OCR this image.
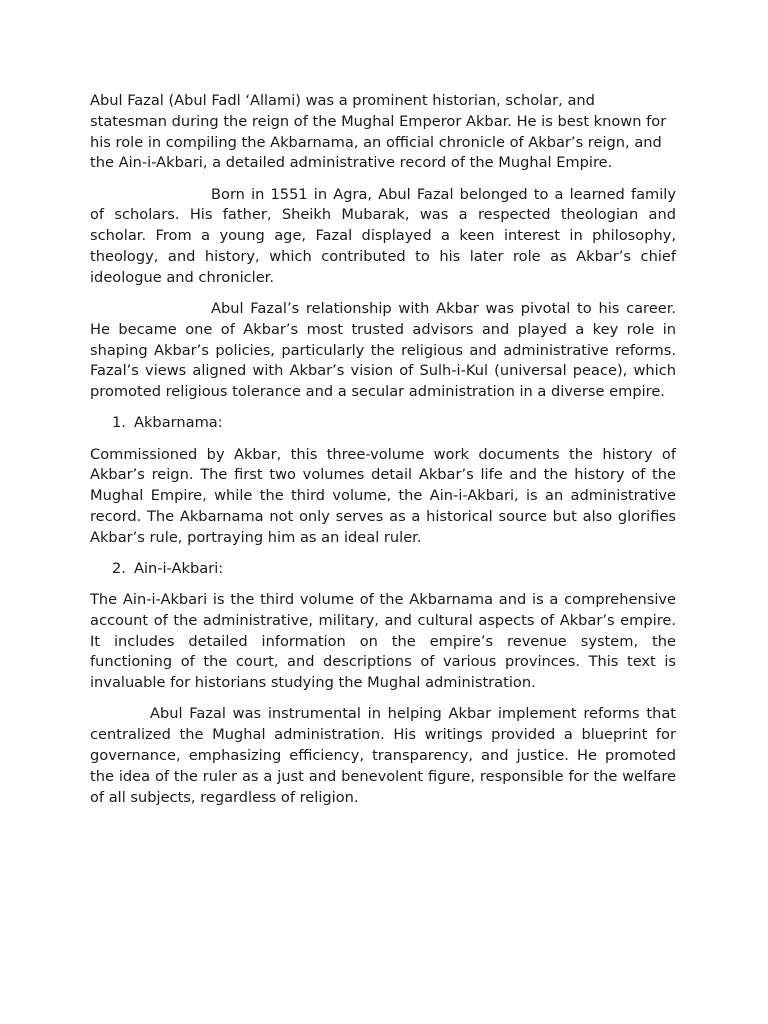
Abul Fazal (Abul Fadl ‘Allami) was a prominent historian, scholar, and statesman during the reign of the Mughal Emperor Akbar. He is best known for his role in compiling the Akbarnama, an official chronicle of Akbar’s reign, and the Ain-i-Akbari, a detailed administrative record of the Mughal Empire.

Born in 1551 in Agra, Abul Fazal belonged to a learned family of scholars. His father, Sheikh Mubarak, was a respected theologian and scholar. From a young age, Fazal displayed a keen interest in philosophy, theology, and history, which contributed to his later role as Akbar’s chief ideologue and chronicler.

Abul Fazal’s relationship with Akbar was pivotal to his career. He became one of Akbar’s most trusted advisors and played a key role in shaping Akbar’s policies, particularly the religious and administrative reforms. Fazal’s views aligned with Akbar’s vision of Sulh-i-Kul (universal peace), which promoted religious tolerance and a secular administration in a diverse empire.

1. Akbarnama:

Commissioned by Akbar, this three-volume work documents the history of Akbar’s reign. The first two volumes detail Akbar’s life and the history of the Mughal Empire, while the third volume, the Ain-i-Akbari, is an administrative record. The Akbarnama not only serves as a historical source but also glorifies Akbar’s rule, portraying him as an ideal ruler.

2. Ain-i-Akbari:

The Ain-i-Akbari is the third volume of the Akbarnama and is a comprehensive account of the administrative, military, and cultural aspects of Akbar’s empire. It includes detailed information on the empire’s revenue system, the functioning of the court, and descriptions of various provinces. This text is invaluable for historians studying the Mughal administration.

Abul Fazal was instrumental in helping Akbar implement reforms that centralized the Mughal administration. His writings provided a blueprint for governance, emphasizing efficiency, transparency, and justice. He promoted the idea of the ruler as a just and benevolent figure, responsible for the welfare of all subjects, regardless of religion.
